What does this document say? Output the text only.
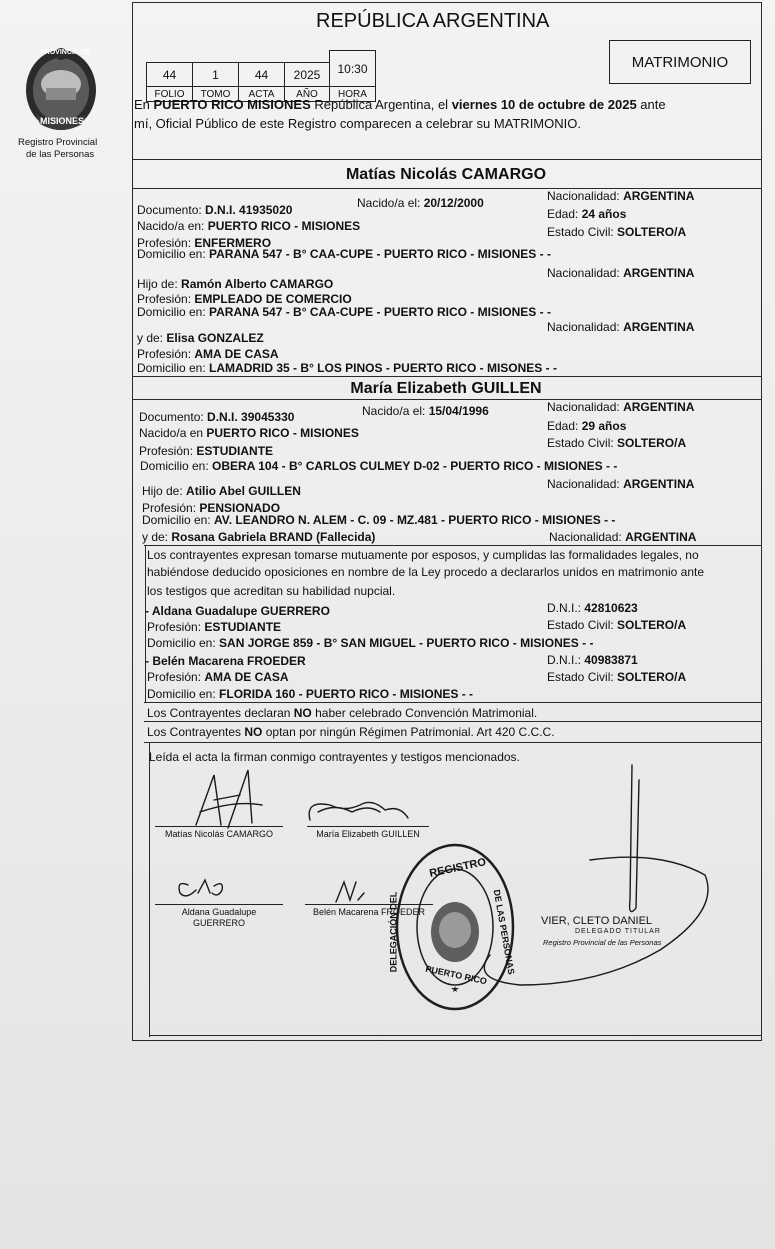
PROVINCIA DE
MISIONES
Registro Provincial
de las Personas
REPÚBLICA ARGENTINA
MATRIMONIO
44	1	44	2025	10:30
FOLIO	TOMO	ACTA	AÑO	HORA
En PUERTO RICO MISIONES República Argentina, el viernes 10 de octubre de 2025 ante
mí, Oficial Público de este Registro comparecen a celebrar su MATRIMONIO.
Matías Nicolás CAMARGO
Documento: D.N.I. 41935020	Nacido/a el: 20/12/2000	Nacionalidad: ARGENTINA
Edad: 24 años
Nacido/a en: PUERTO RICO - MISIONES	Estado Civil: SOLTERO/A
Profesión: ENFERMERO
Domicilio en: PARANA 547 - B° CAA-CUPE - PUERTO RICO - MISIONES - -
Hijo de: Ramón Alberto CAMARGO
Nacionalidad: ARGENTINA
Profesión: EMPLEADO DE COMERCIO
Domicilio en: PARANA 547 - B° CAA-CUPE - PUERTO RICO - MISIONES - -
y de: Elisa GONZALEZ
Nacionalidad: ARGENTINA
Profesión: AMA DE CASA
Domicilio en: LAMADRID 35 - B° LOS PINOS - PUERTO RICO - MISONES - -
María Elizabeth GUILLEN
Documento: D.N.I. 39045330	Nacido/a el: 15/04/1996	Nacionalidad: ARGENTINA
Edad: 29 años
Nacido/a en PUERTO RICO - MISIONES
Estado Civil: SOLTERO/A
Profesión: ESTUDIANTE
Domicilio en: OBERA 104 - B° CARLOS CULMEY D-02 - PUERTO RICO - MISIONES - -
Hijo de: Atilio Abel GUILLEN	Nacionalidad: ARGENTINA
Profesión: PENSIONADO
Domicilio en: AV. LEANDRO N. ALEM - C. 09 - MZ.481 - PUERTO RICO - MISIONES - -
y de: Rosana Gabriela BRAND (Fallecida)	Nacionalidad: ARGENTINA
Los contrayentes expresan tomarse mutuamente por esposos, y cumplidas las formalidades legales, no
habiéndose deducido oposiciones en nombre de la Ley procedo a declararlos unidos en matrimonio ante
los testigos que acreditan su habilidad nupcial.
- Aldana Guadalupe GUERRERO	D.N.I.: 42810623
Profesión: ESTUDIANTE	Estado Civil: SOLTERO/A
Domicilio en: SAN JORGE 859 - B° SAN MIGUEL - PUERTO RICO - MISIONES - -
- Belén Macarena FROEDER	D.N.I.: 40983871
Profesión: AMA DE CASA	Estado Civil: SOLTERO/A
Domicilio en: FLORIDA 160 - PUERTO RICO - MISIONES - -
Los Contrayentes declaran NO haber celebrado Convención Matrimonial.
Los Contrayentes NO optan por ningún Régimen Patrimonial. Art 420 C.C.C.
Leída el acta la firman conmigo contrayentes y testigos mencionados.
Matías Nicolás CAMARGO	María Elizabeth GUILLEN
Aldana Guadalupe
GUERRERO
Belén Macarena FROEDER
REGISTRO
DELEGACIÓN DEL	DE LAS PERSONAS
PUERTO RICO
VIER, CLETO DANIEL
DELEGADO TITULAR
Registro Provincial de las Personas
